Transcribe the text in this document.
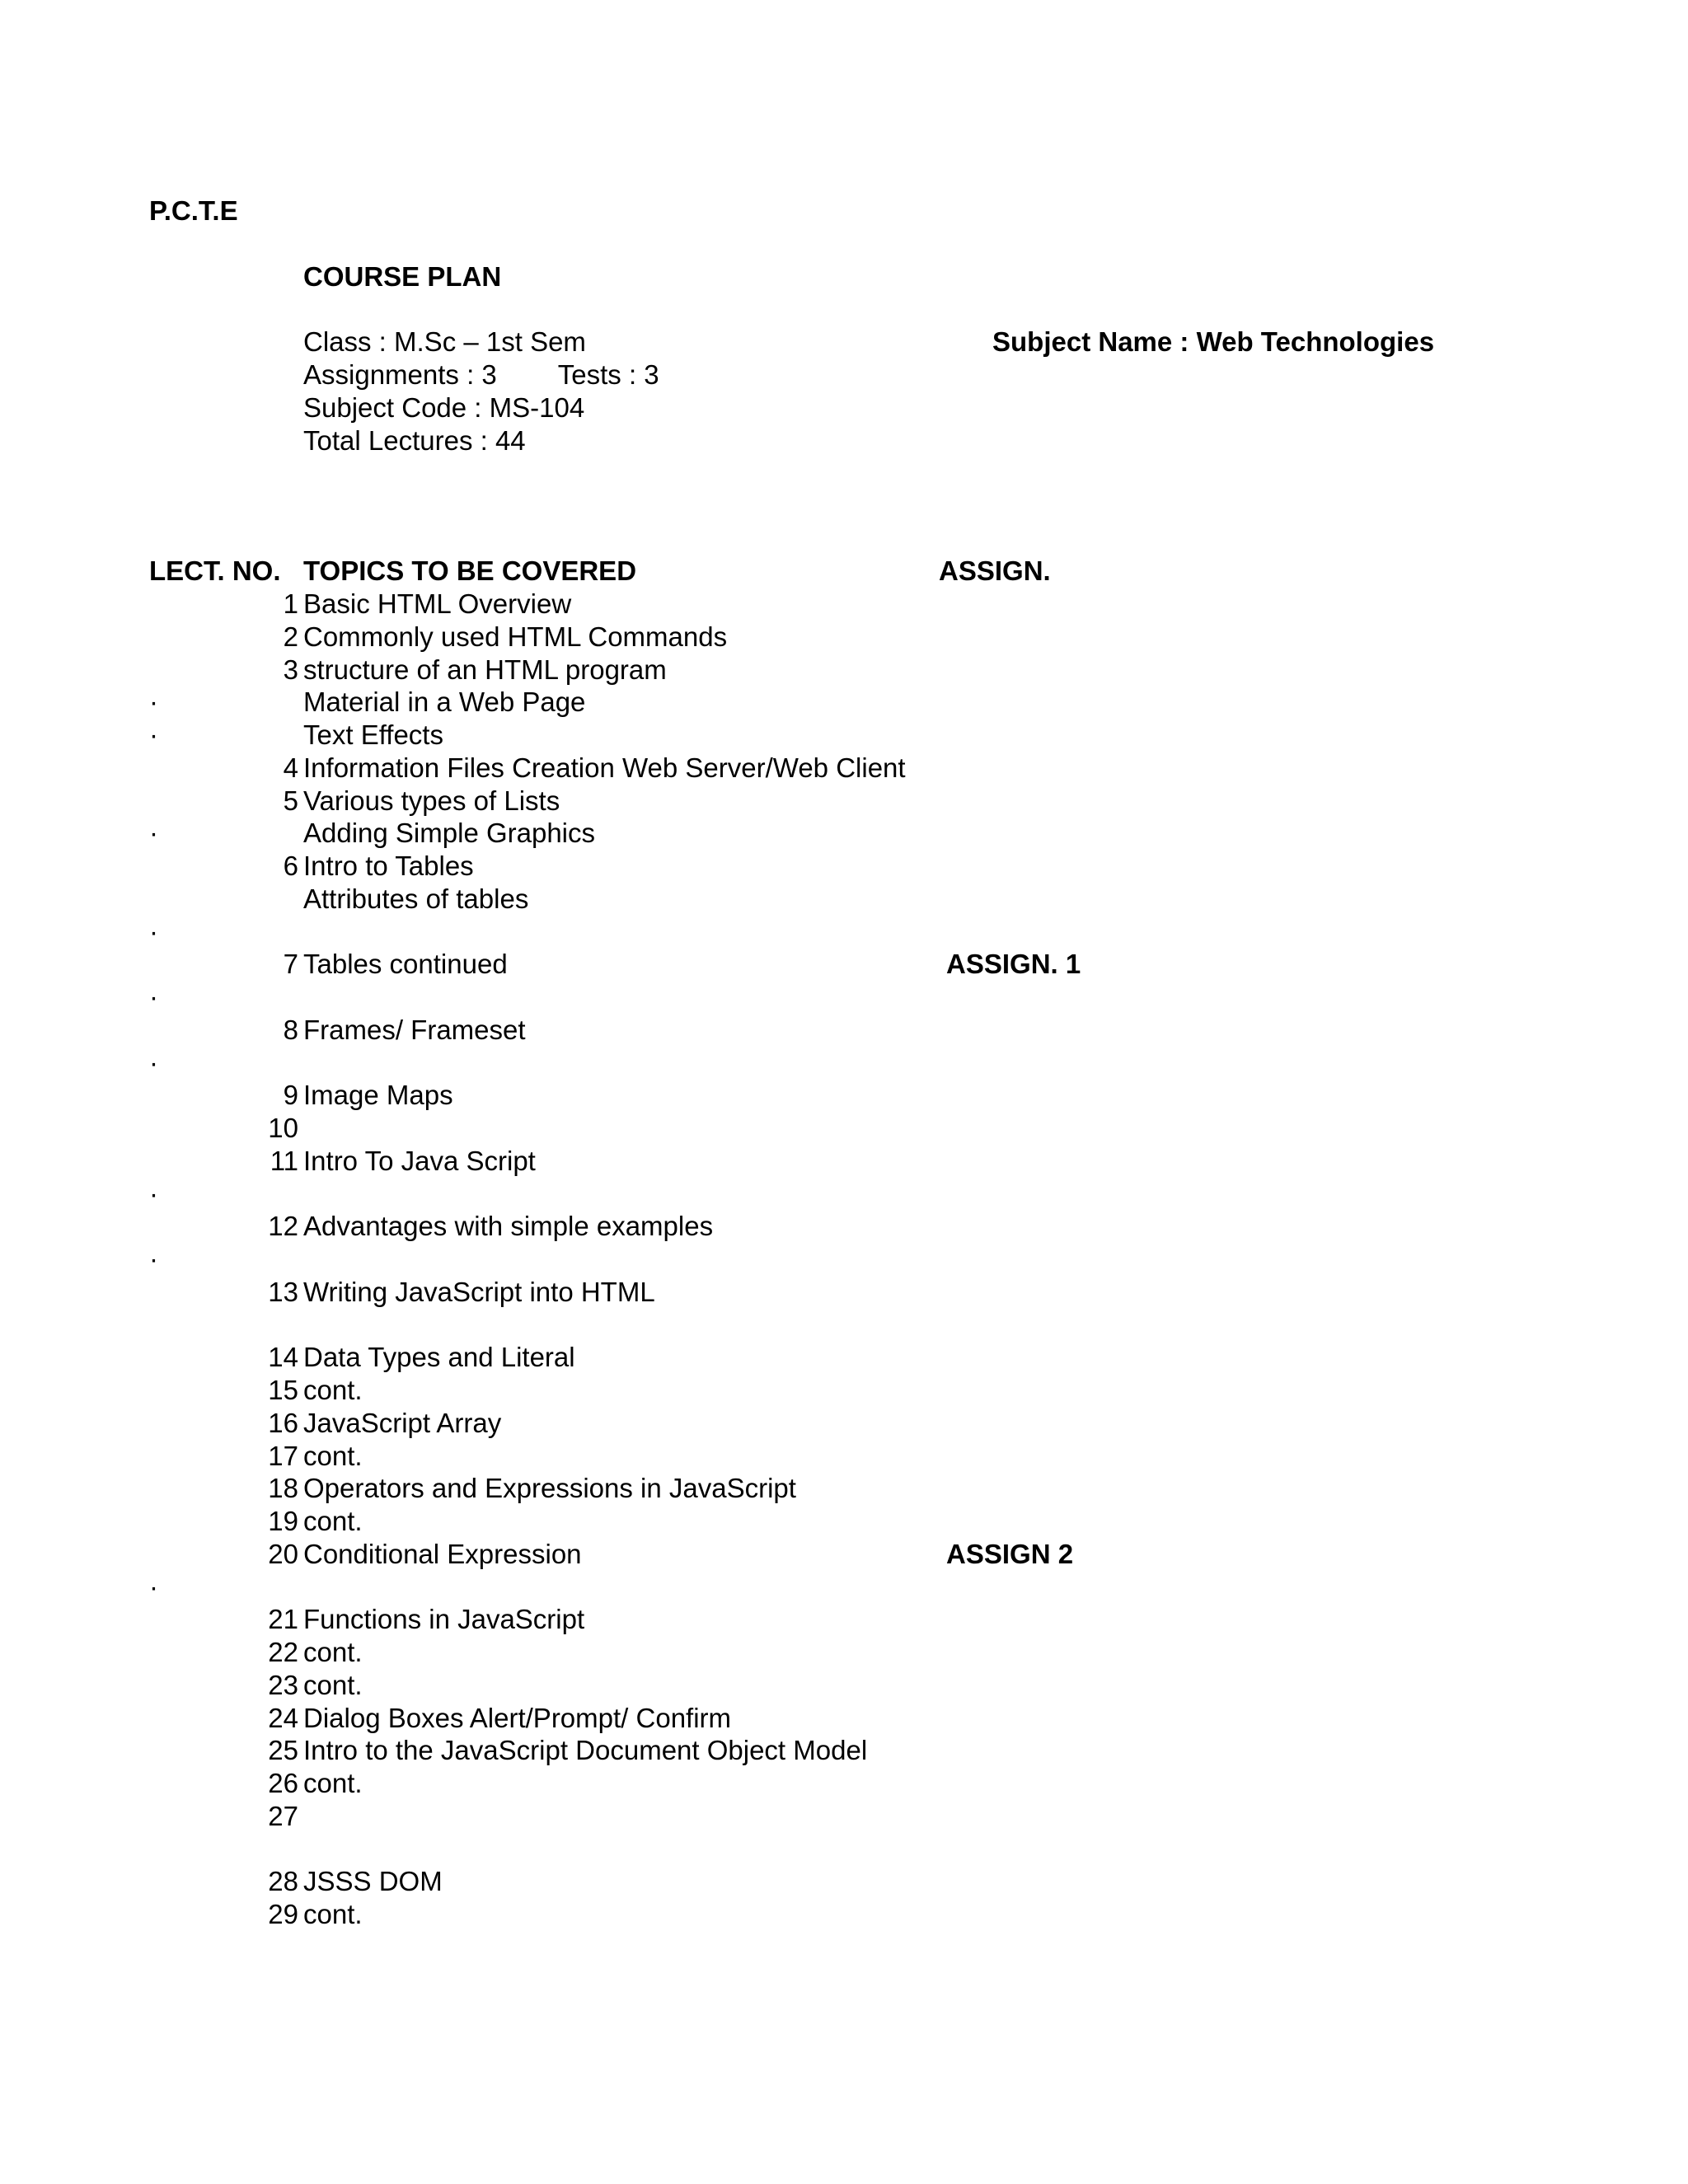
P.C.T.E
COURSE PLAN
Subject Name : Web Technologies
Class : M.Sc – 1st Sem
Assignments : 3 Tests : 3
Subject Code : MS-104
Total Lectures : 44
LECT. NO. TOPICS TO BE COVERED	ASSIGN.
1 Basic HTML Overview
2 Commonly used HTML Commands
3 structure of an HTML program
·	Material in a Web Page
·	Text Effects
4 Information Files Creation Web Server/Web Client
5 Various types of Lists
·	Adding Simple Graphics
6 Intro to Tables
Attributes of tables
·
7 Tables continued	ASSIGN. 1
·
8 Frames/ Frameset
·
9 Image Maps
10
11 Intro To Java Script
·
12 Advantages with simple examples
·
13 Writing JavaScript into HTML
14 Data Types and Literal
15 cont.
16 JavaScript Array
17 cont.
18 Operators and Expressions in JavaScript
19 cont.
20 Conditional Expression	ASSIGN 2
·
21 Functions in JavaScript
22 cont.
23 cont.
24 Dialog Boxes Alert/Prompt/ Confirm
25 Intro to the JavaScript Document Object Model
26 cont.
27
28 JSSS DOM
29 cont.
